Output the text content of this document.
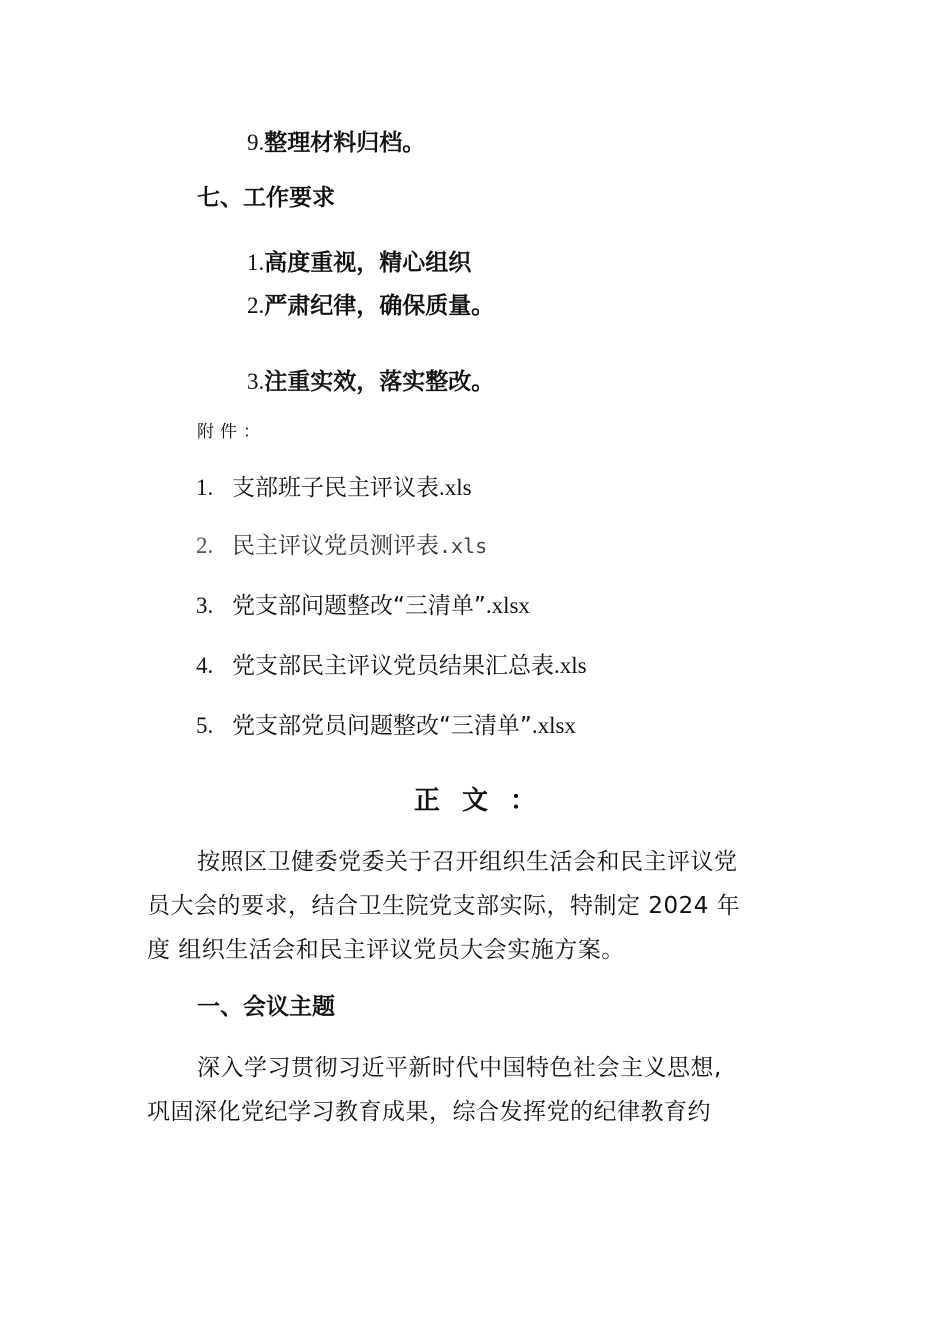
9.整理材料归档。
七、工作要求
1.高度重视，精心组织
2.严肃纪律，确保质量。
3.注重实效，落实整改。
附件：
1. 支部班子民主评议表.xls
2. 民主评议党员测评表.xls
3. 党支部问题整改“三清单”.xlsx
4. 党支部民主评议党员结果汇总表.xls
5. 党支部党员问题整改“三清单”.xlsx
正文：
按照区卫健委党委关于召开组织生活会和民主评议党
员大会的要求，结合卫生院党支部实际，特制定 2024 年
度 组织生活会和民主评议党员大会实施方案。
一、会议主题
深入学习贯彻习近平新时代中国特色社会主义思想,
巩固深化党纪学习教育成果，综合发挥党的纪律教育约
